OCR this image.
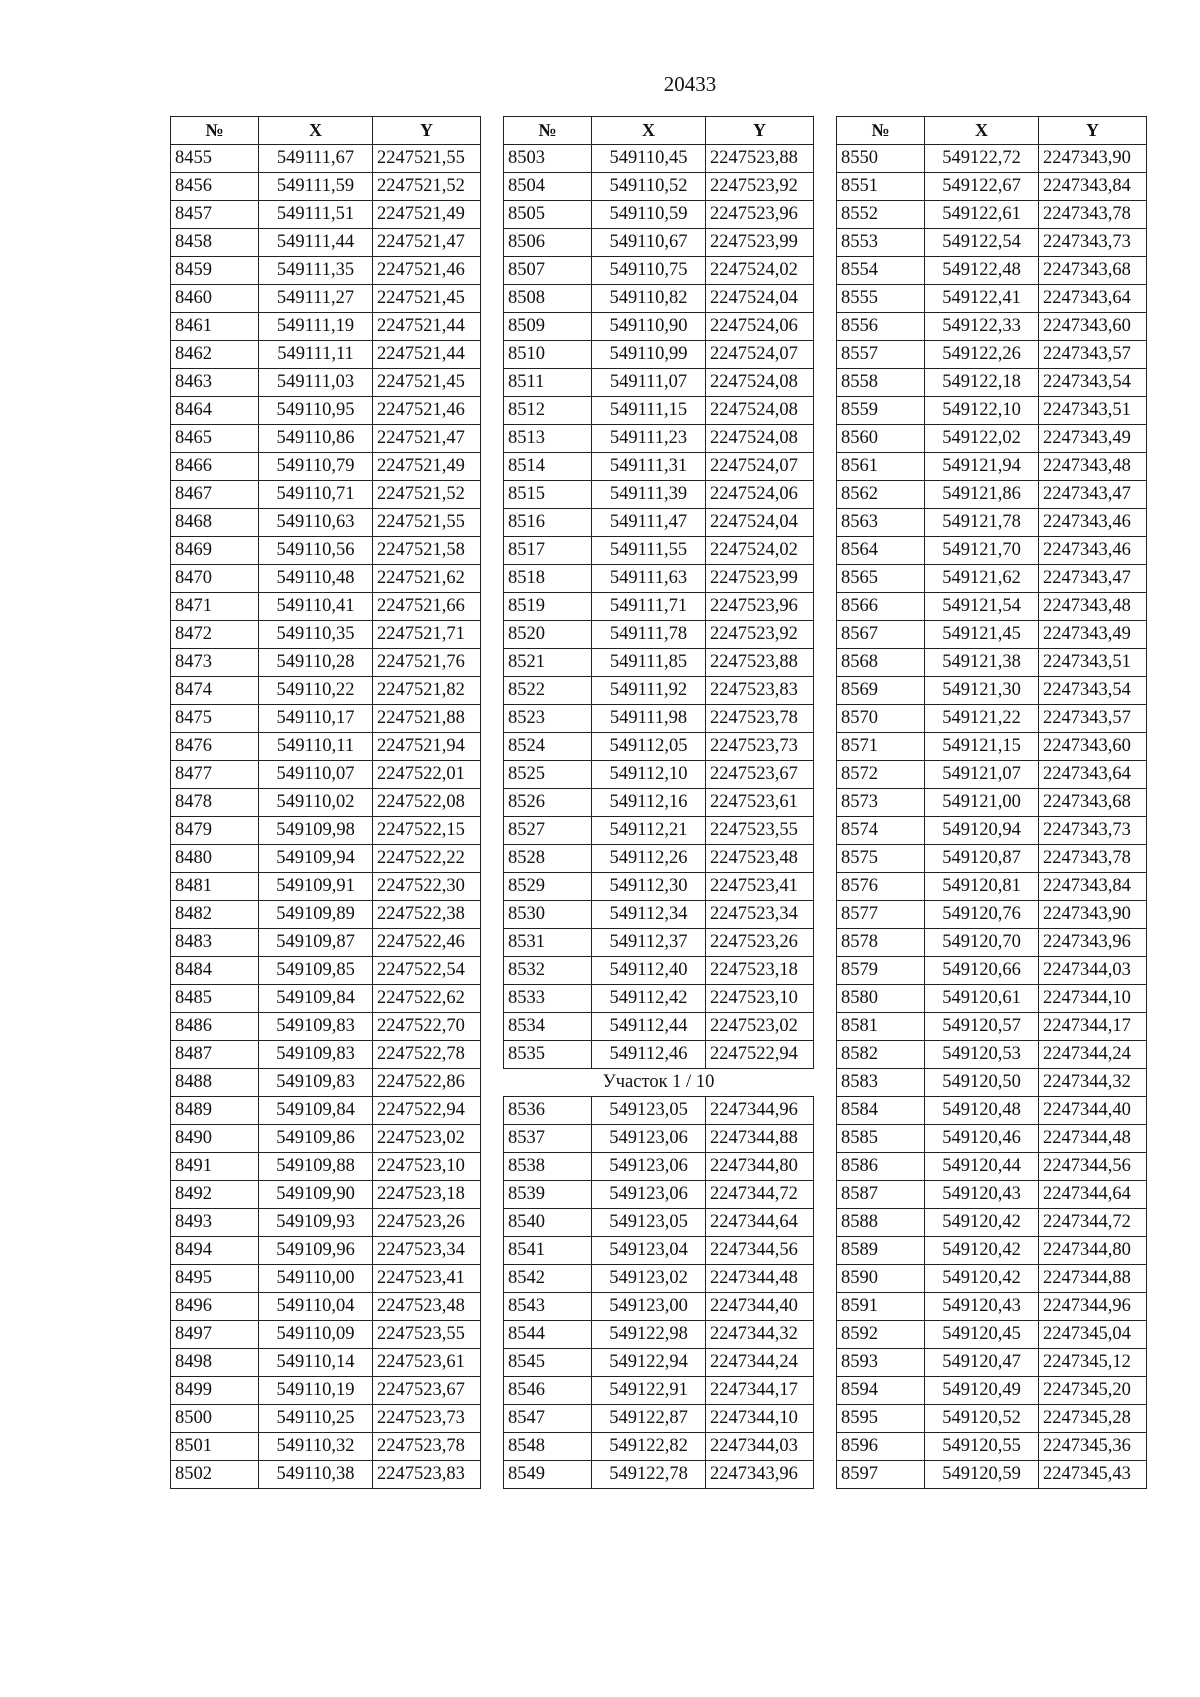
20433
№	X	Y
8455	549111,67	2247521,55
8456	549111,59	2247521,52
8457	549111,51	2247521,49
8458	549111,44	2247521,47
8459	549111,35	2247521,46
8460	549111,27	2247521,45
8461	549111,19	2247521,44
8462	549111,11	2247521,44
8463	549111,03	2247521,45
8464	549110,95	2247521,46
8465	549110,86	2247521,47
8466	549110,79	2247521,49
8467	549110,71	2247521,52
8468	549110,63	2247521,55
8469	549110,56	2247521,58
8470	549110,48	2247521,62
8471	549110,41	2247521,66
8472	549110,35	2247521,71
8473	549110,28	2247521,76
8474	549110,22	2247521,82
8475	549110,17	2247521,88
8476	549110,11	2247521,94
8477	549110,07	2247522,01
8478	549110,02	2247522,08
8479	549109,98	2247522,15
8480	549109,94	2247522,22
8481	549109,91	2247522,30
8482	549109,89	2247522,38
8483	549109,87	2247522,46
8484	549109,85	2247522,54
8485	549109,84	2247522,62
8486	549109,83	2247522,70
8487	549109,83	2247522,78
8488	549109,83	2247522,86
8489	549109,84	2247522,94
8490	549109,86	2247523,02
8491	549109,88	2247523,10
8492	549109,90	2247523,18
8493	549109,93	2247523,26
8494	549109,96	2247523,34
8495	549110,00	2247523,41
8496	549110,04	2247523,48
8497	549110,09	2247523,55
8498	549110,14	2247523,61
8499	549110,19	2247523,67
8500	549110,25	2247523,73
8501	549110,32	2247523,78
8502	549110,38	2247523,83
№	X	Y
8503	549110,45	2247523,88
8504	549110,52	2247523,92
8505	549110,59	2247523,96
8506	549110,67	2247523,99
8507	549110,75	2247524,02
8508	549110,82	2247524,04
8509	549110,90	2247524,06
8510	549110,99	2247524,07
8511	549111,07	2247524,08
8512	549111,15	2247524,08
8513	549111,23	2247524,08
8514	549111,31	2247524,07
8515	549111,39	2247524,06
8516	549111,47	2247524,04
8517	549111,55	2247524,02
8518	549111,63	2247523,99
8519	549111,71	2247523,96
8520	549111,78	2247523,92
8521	549111,85	2247523,88
8522	549111,92	2247523,83
8523	549111,98	2247523,78
8524	549112,05	2247523,73
8525	549112,10	2247523,67
8526	549112,16	2247523,61
8527	549112,21	2247523,55
8528	549112,26	2247523,48
8529	549112,30	2247523,41
8530	549112,34	2247523,34
8531	549112,37	2247523,26
8532	549112,40	2247523,18
8533	549112,42	2247523,10
8534	549112,44	2247523,02
8535	549112,46	2247522,94
Участок 1 / 10		
8536	549123,05	2247344,96
8537	549123,06	2247344,88
8538	549123,06	2247344,80
8539	549123,06	2247344,72
8540	549123,05	2247344,64
8541	549123,04	2247344,56
8542	549123,02	2247344,48
8543	549123,00	2247344,40
8544	549122,98	2247344,32
8545	549122,94	2247344,24
8546	549122,91	2247344,17
8547	549122,87	2247344,10
8548	549122,82	2247344,03
8549	549122,78	2247343,96
№	X	Y
8550	549122,72	2247343,90
8551	549122,67	2247343,84
8552	549122,61	2247343,78
8553	549122,54	2247343,73
8554	549122,48	2247343,68
8555	549122,41	2247343,64
8556	549122,33	2247343,60
8557	549122,26	2247343,57
8558	549122,18	2247343,54
8559	549122,10	2247343,51
8560	549122,02	2247343,49
8561	549121,94	2247343,48
8562	549121,86	2247343,47
8563	549121,78	2247343,46
8564	549121,70	2247343,46
8565	549121,62	2247343,47
8566	549121,54	2247343,48
8567	549121,45	2247343,49
8568	549121,38	2247343,51
8569	549121,30	2247343,54
8570	549121,22	2247343,57
8571	549121,15	2247343,60
8572	549121,07	2247343,64
8573	549121,00	2247343,68
8574	549120,94	2247343,73
8575	549120,87	2247343,78
8576	549120,81	2247343,84
8577	549120,76	2247343,90
8578	549120,70	2247343,96
8579	549120,66	2247344,03
8580	549120,61	2247344,10
8581	549120,57	2247344,17
8582	549120,53	2247344,24
8583	549120,50	2247344,32
8584	549120,48	2247344,40
8585	549120,46	2247344,48
8586	549120,44	2247344,56
8587	549120,43	2247344,64
8588	549120,42	2247344,72
8589	549120,42	2247344,80
8590	549120,42	2247344,88
8591	549120,43	2247344,96
8592	549120,45	2247345,04
8593	549120,47	2247345,12
8594	549120,49	2247345,20
8595	549120,52	2247345,28
8596	549120,55	2247345,36
8597	549120,59	2247345,43
